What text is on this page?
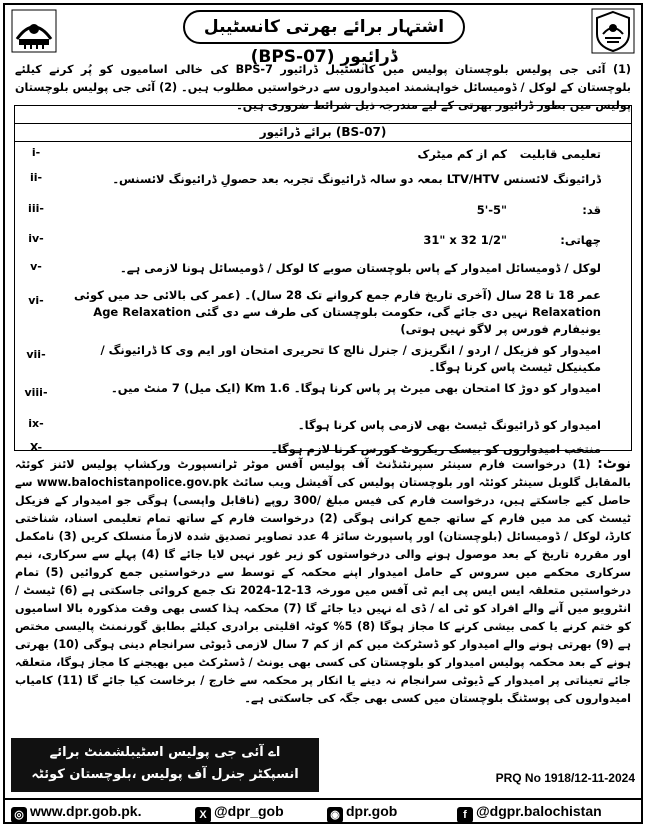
اشتہار برائے بھرتی کانسٹیبل ڈرائیور (BPS-07)
(1) آئی جی پولیس بلوچستان پولیس میں کانسٹیبل ڈرائیور BPS-7 کی خالی اسامیوں کو پُر کرنے کیلئے بلوچستان کے لوکل / ڈومیسائل خواہشمند امیدواروں سے درخواستیں مطلوب ہیں۔ (2) آئی جی پولیس بلوچستان پولیس میں بطور ڈرائیور بھرتی کے لیے مندرجہ ذیل شرائط ضروری ہیں۔
برائے ڈرائیور (BS-07)
i-	تعلیمی قابلیت کم از کم میٹرک
ii-	ڈرائیونگ لائسنس LTV/HTV بمعہ دو سالہ ڈرائیونگ تجربہ بعد حصولِ ڈرائیونگ لائسنس۔
iii-	قد: 5'-5"
iv-	چھاتی: 31" x 32 1/2"
v-	لوکل / ڈومیسائل امیدوار کے پاس بلوچستان صوبے کا لوکل / ڈومیسائل ہونا لازمی ہے۔
vi-	عمر 18 تا 28 سال (آخری تاریخ فارم جمع کروانے تک 28 سال)۔ (عمر کی بالائی حد میں کوئی Relaxation نہیں دی جائے گی، حکومت بلوچستان کی طرف سے دی گئی Age Relaxation یونیفارم فورس پر لاگو نہیں ہوتی)
vii-	امیدوار کو فزیکل / اردو / انگریزی / جنرل نالج کا تحریری امتحان اور ایم وی کا ڈرائیونگ / مکینیکل ٹیسٹ پاس کرنا ہوگا۔
viii-	امیدوار کو دوڑ کا امتحان بھی میرٹ پر پاس کرنا ہوگا۔ 1.6 Km (ایک میل) 7 منٹ میں۔
ix-	امیدوار کو ڈرائیونگ ٹیسٹ بھی لازمی پاس کرنا ہوگا۔
X-	منتخب امیدواروں کو بیسک ریکروٹ کورس کرنا لازم ہوگا۔
نوٹ: (1) درخواست فارم سینئر سپرنٹنڈنٹ آف پولیس آفس موٹر ٹرانسپورٹ ورکشاپ پولیس لائنز کوئٹہ بالمقابل گلوبل سینٹر کوئٹہ اور بلوچستان پولیس کی آفیشل ویب سائٹ www.balochistanpolice.gov.pk سے حاصل کیے جاسکتے ہیں، درخواست فارم کی فیس مبلغ /300 روپے (ناقابل واپسی) ہوگی جو امیدوار کے فزیکل ٹیسٹ کی مد میں فارم کے ساتھ جمع کرانی ہوگی (2) درخواست فارم کے ساتھ تمام تعلیمی اسناد، شناختی کارڈ، لوکل / ڈومیسائل (بلوچستان) اور پاسپورٹ سائز 4 عدد تصاویر تصدیق شدہ لازماً منسلک کریں (3) نامکمل اور مقررہ تاریخ کے بعد موصول ہونے والی درخواستوں کو زیر غور نہیں لایا جائے گا (4) پہلے سے سرکاری، نیم سرکاری محکمے میں سروس کے حامل امیدوار اپنے محکمہ کے توسط سے درخواستیں جمع کروائیں (5) تمام درخواستیں متعلقہ ایس ایس پی ایم ٹی آفس میں مورخہ 13-12-2024 تک جمع کروائی جاسکتی ہے (6) ٹیسٹ / انٹرویو میں آنے والے افراد کو ٹی اے / ڈی اے نہیں دیا جائے گا (7) محکمہ ہذا کسی بھی وقت مذکورہ بالا اسامیوں کو ختم کرنے یا کمی بیشی کرنے کا مجاز ہوگا (8) 5% کوٹہ اقلیتی برادری کیلئے بطابق گورنمنٹ پالیسی مختص ہے (9) بھرتی ہونے والے امیدوار کو ڈسٹرکٹ میں کم از کم 7 سال لازمی ڈیوٹی سرانجام دینی ہوگی (10) بھرتی ہونے کے بعد محکمہ پولیس امیدوار کو بلوچستان کی کسی بھی یونٹ / ڈسٹرکٹ میں بھیجنے کا مجاز ہوگا، متعلقہ جائے تعیناتی پر امیدوار کے ڈیوٹی سرانجام نہ دینے یا انکار پر محکمہ سے خارج / برخاست کیا جائے گا (11) کامیاب امیدواروں کی پوسٹنگ بلوچستان میں کسی بھی جگہ کی جاسکتی ہے۔
اے آئی جی پولیس اسٹیبلشمنٹ برائے
انسپکٹر جنرل آف پولیس ،بلوچستان کوئٹہ	PRQ No 1918/12-11-2024
◎ www.dpr.gob.pk.	X @dpr_gob	◉ dpr.gob	f @dgpr.balochistan
